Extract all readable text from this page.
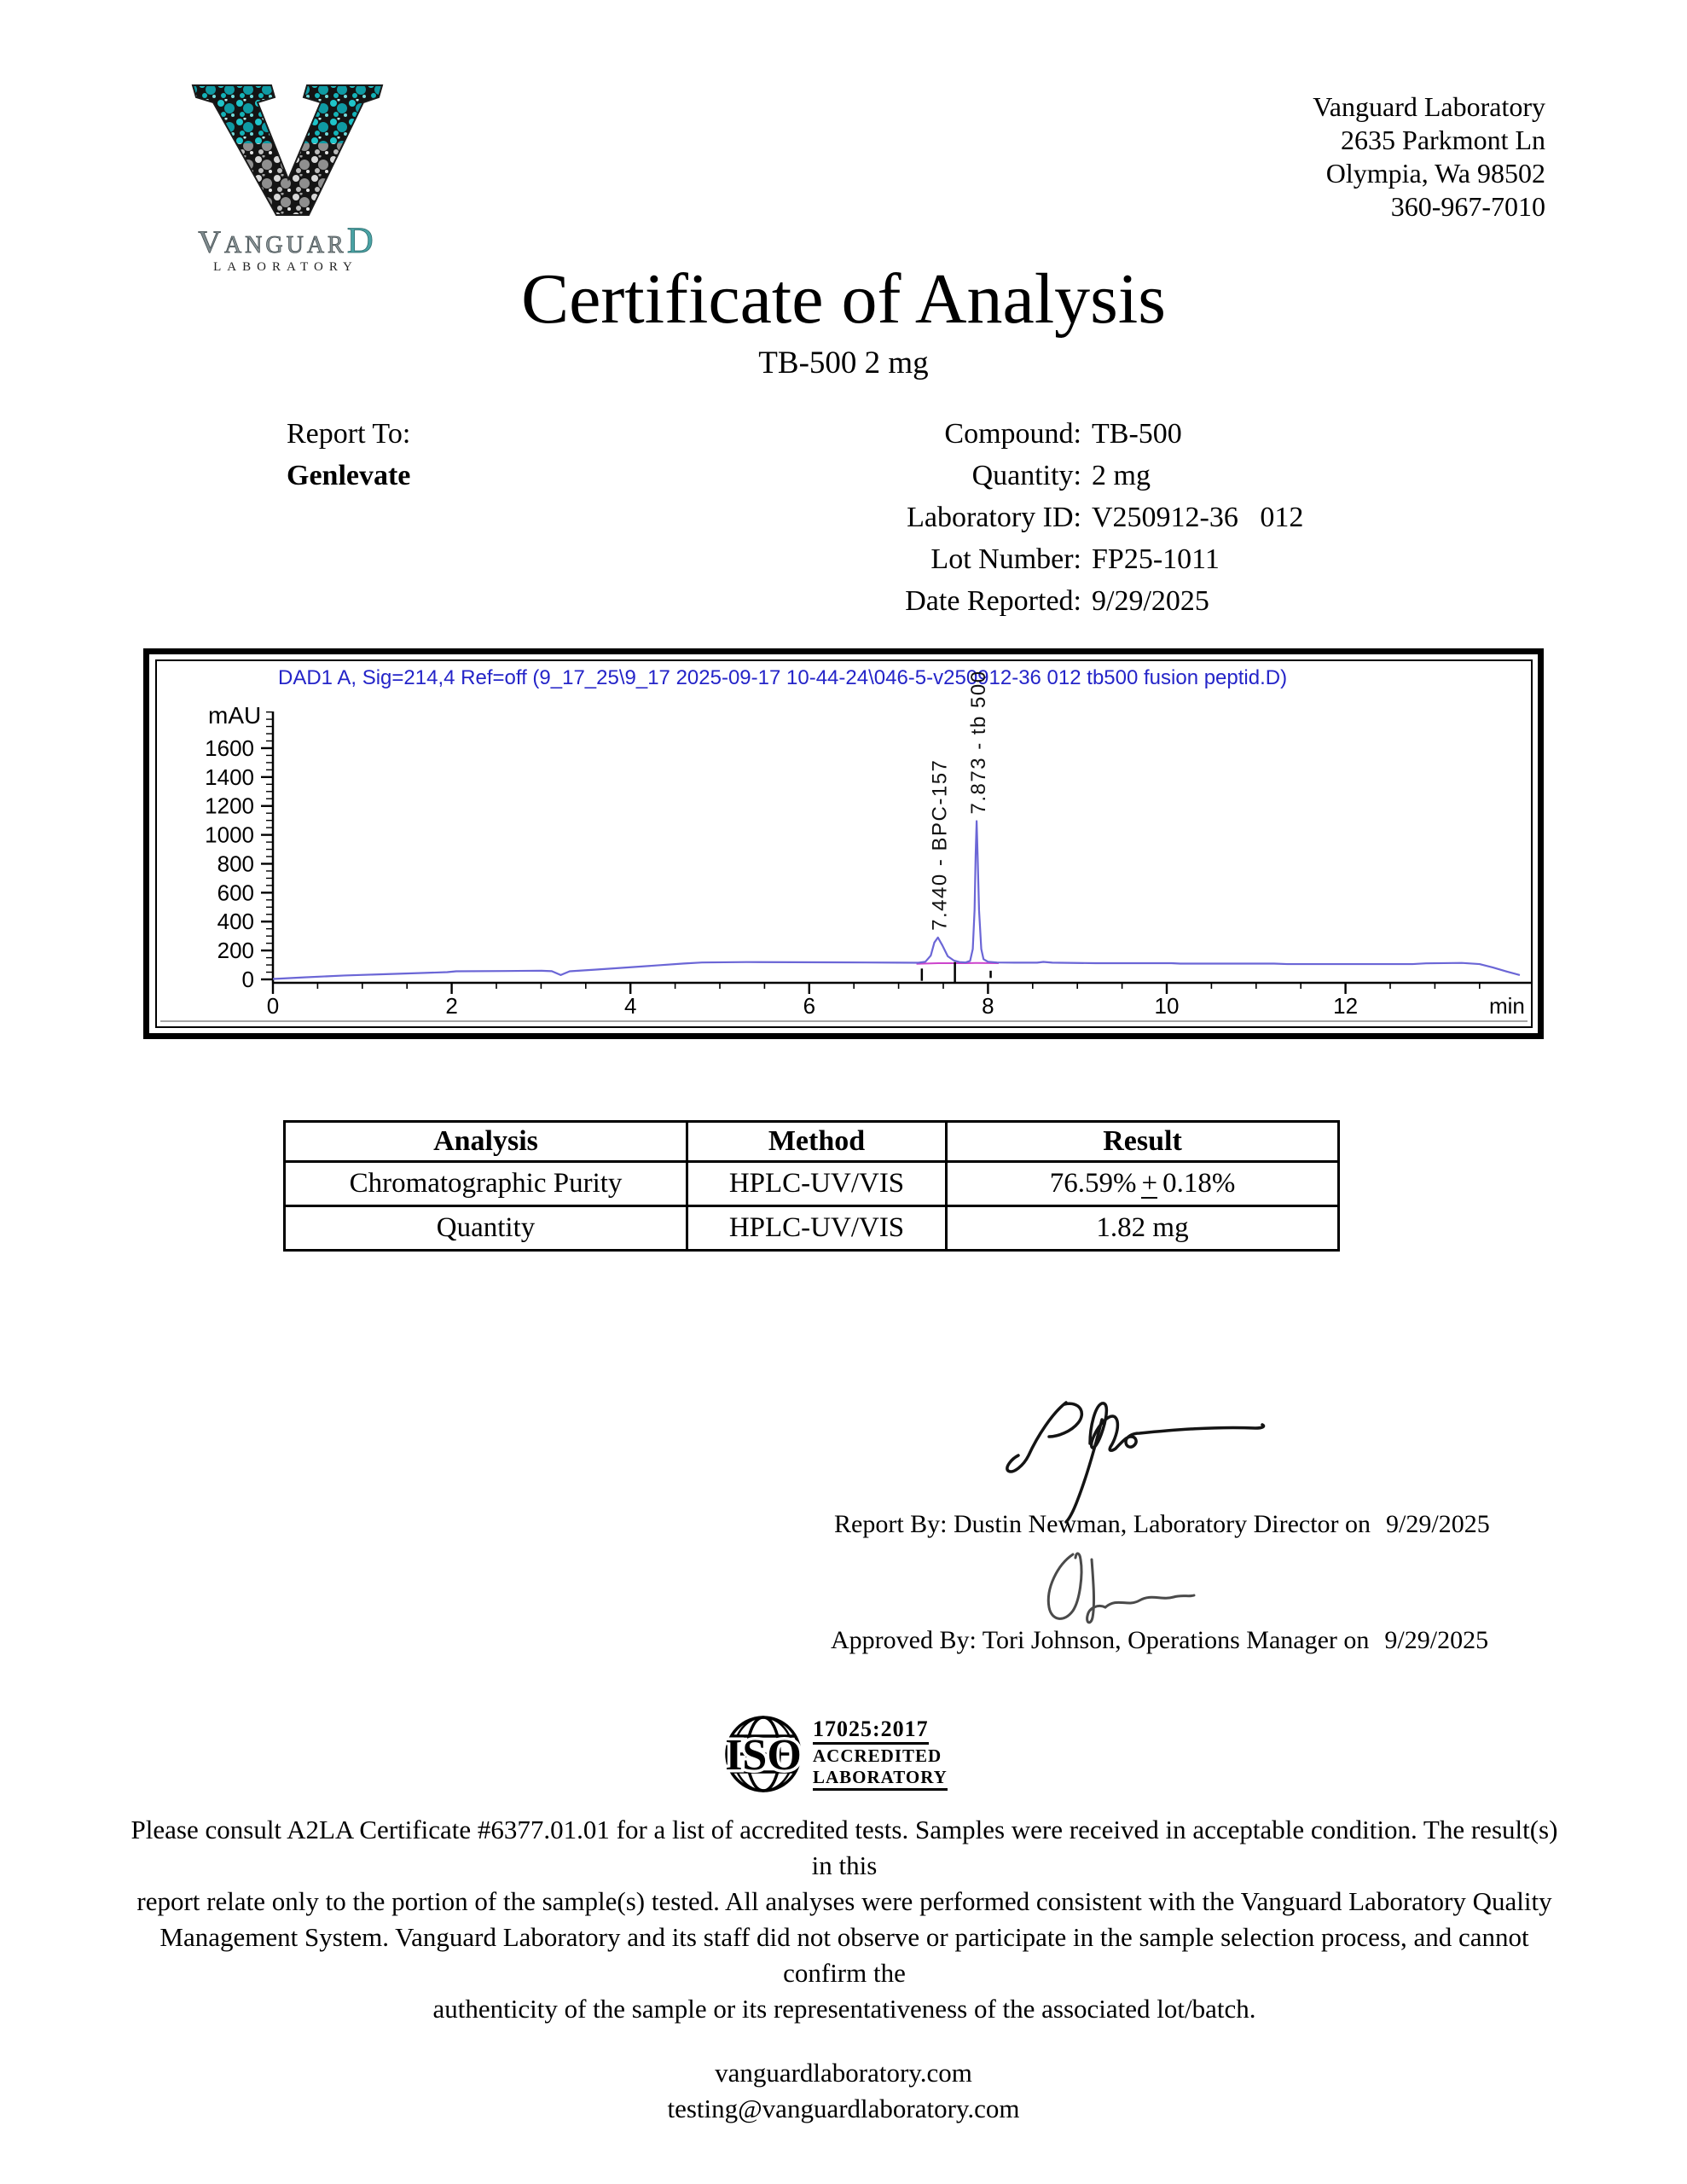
VANGUARD
LABORATORY
Vanguard Laboratory
2635 Parkmont Ln
Olympia, Wa 98502
360-967-7010
Certificate of Analysis
TB-500 2 mg
Report To:
Genlevate
Compound: TB-500
Quantity: 2 mg
Laboratory ID: V250912-36   012
Lot Number: FP25-1011
Date Reported: 9/29/2025
DAD1 A, Sig=214,4 Ref=off (9_17_25\9_17 2025-09-17 10-44-24\046-5-v250912-36 012 tb500 fusion peptid.D)
mAU
0
200
400
600
800
1000
1200
1400
1600
0	2	4	6	8	10	12	min
7.440 - BPC-157
7.873 - tb 500
Analysis	Method	Result
Chromatographic Purity	HPLC-UV/VIS	76.59% + 0.18%
Quantity	HPLC-UV/VIS	1.82 mg
Report By: Dustin Newman, Laboratory Director on 9/29/2025
Approved By: Tori Johnson, Operations Manager on 9/29/2025
ISO
17025:2017
ACCREDITED
LABORATORY
Please consult A2LA Certificate #6377.01.01 for a list of accredited tests. Samples were received in acceptable condition. The result(s) in this
report relate only to the portion of the sample(s) tested. All analyses were performed consistent with the Vanguard Laboratory Quality
Management System. Vanguard Laboratory and its staff did not observe or participate in the sample selection process, and cannot confirm the
authenticity of the sample or its representativeness of the associated lot/batch.
vanguardlaboratory.com
testing@vanguardlaboratory.com
